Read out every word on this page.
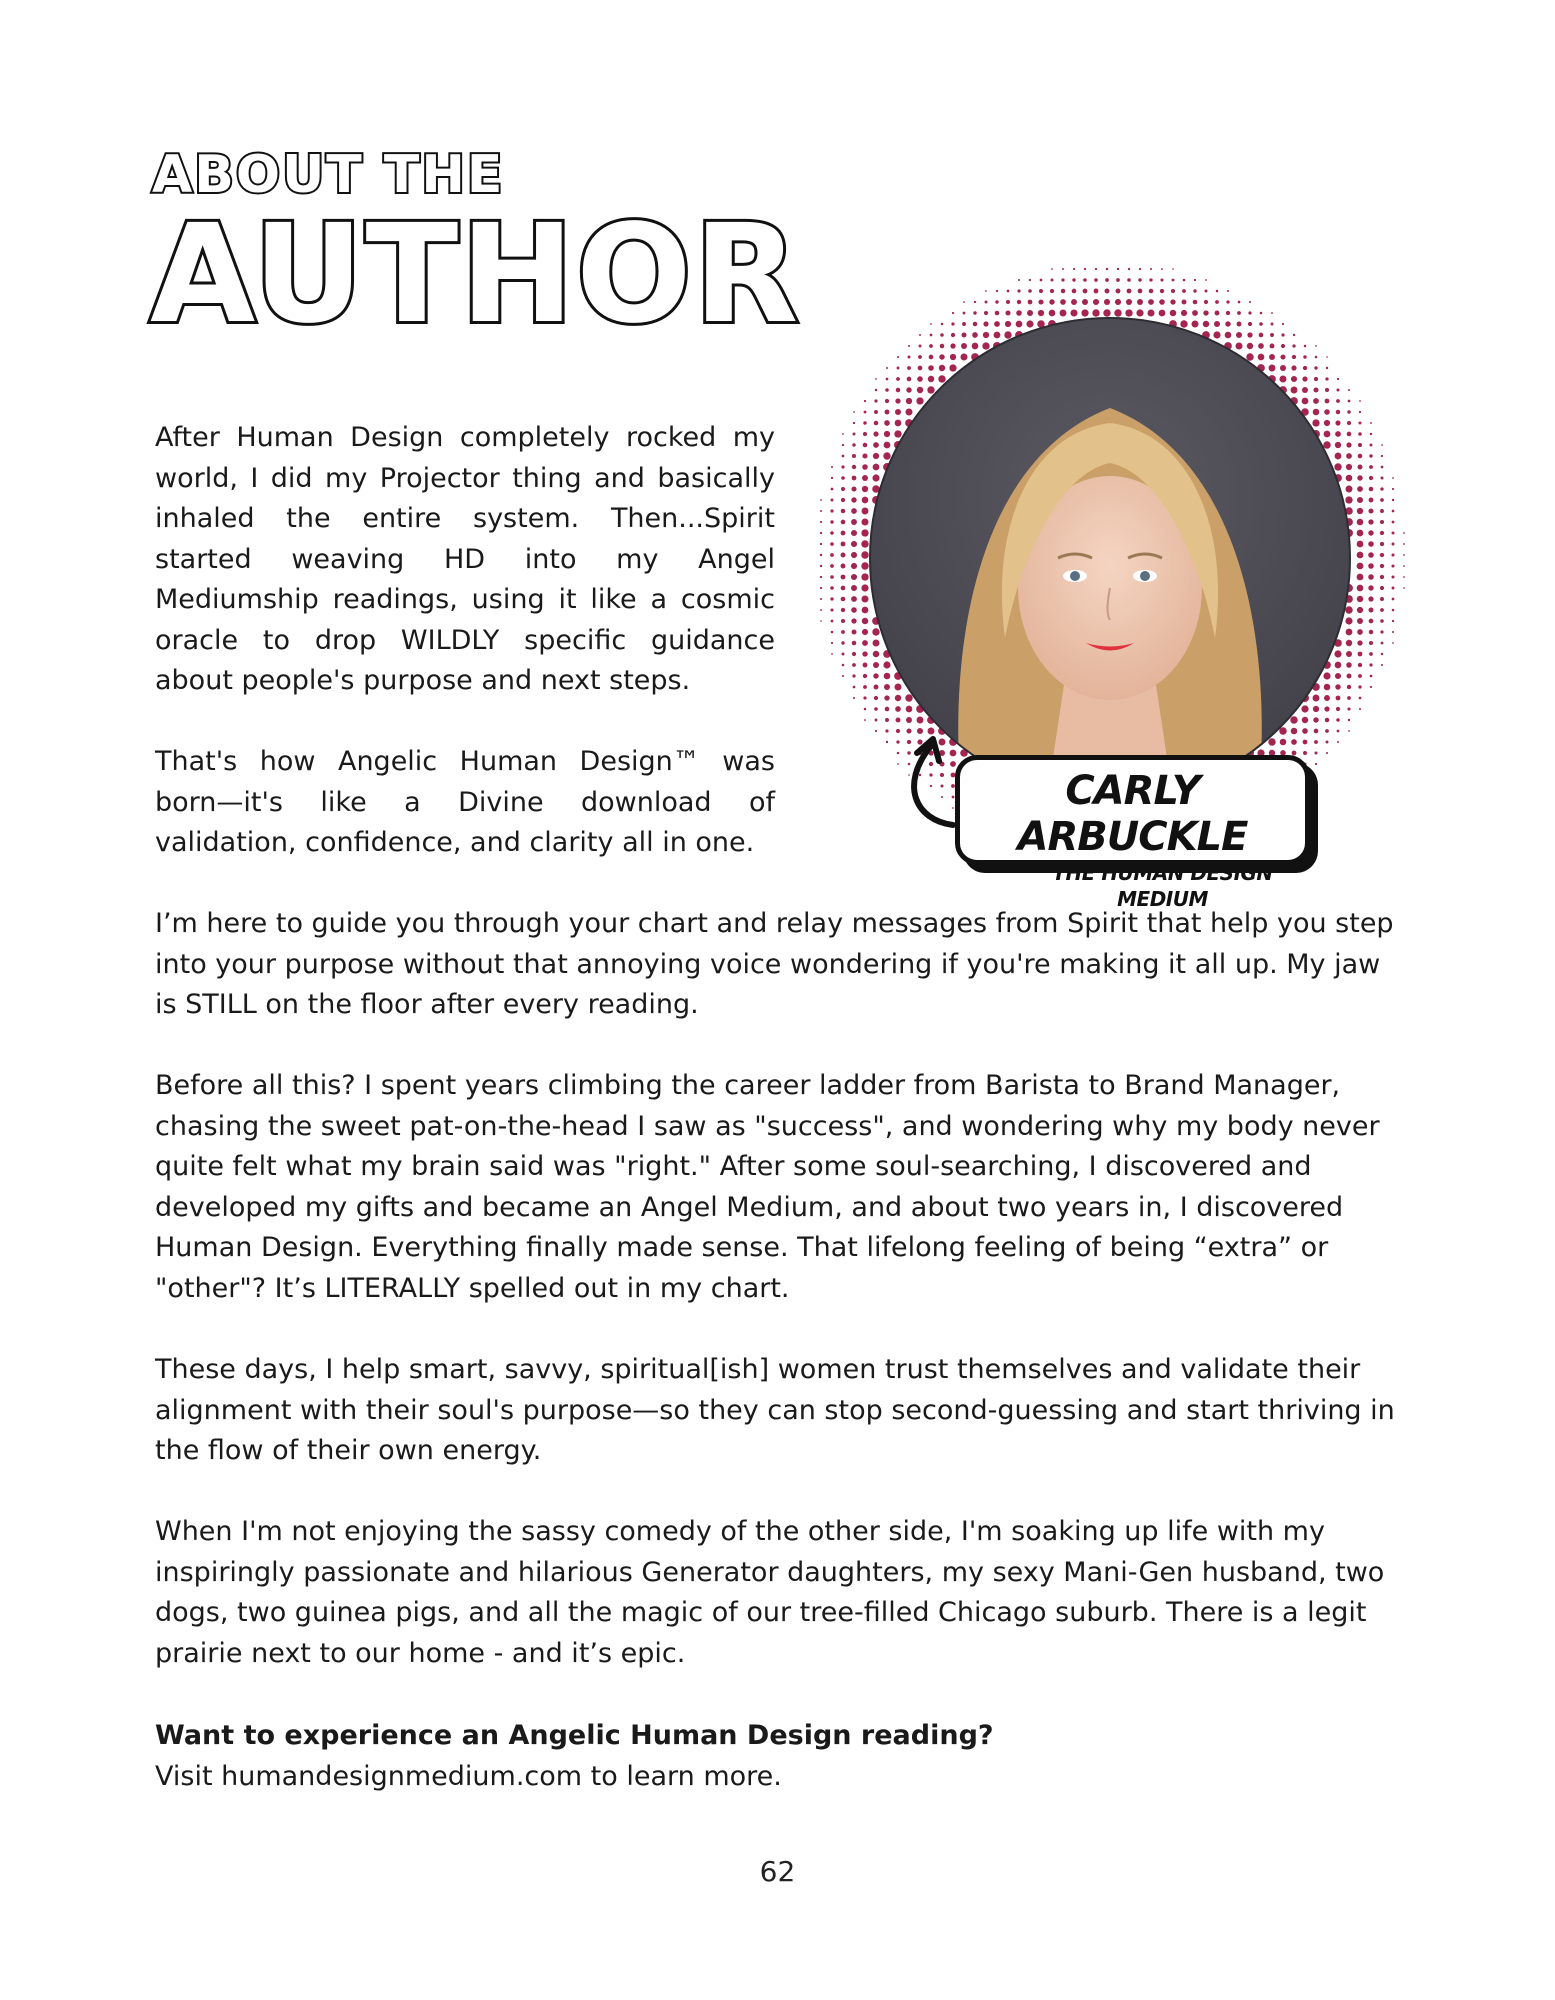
ABOUT THE
AUTHOR

After Human Design completely rocked my world, I did my Projector thing and basically inhaled the entire system. Then...Spirit started weaving HD into my Angel Mediumship readings, using it like a cosmic oracle to drop WILDLY specific guidance about people's purpose and next steps.

That's how Angelic Human Design™ was born—it's like a Divine download of validation, confidence, and clarity all in one.

CARLY ARBUCKLE
THE HUMAN DESIGN MEDIUM

I’m here to guide you through your chart and relay messages from Spirit that help you step into your purpose without that annoying voice wondering if you're making it all up. My jaw is STILL on the floor after every reading.

Before all this? I spent years climbing the career ladder from Barista to Brand Manager, chasing the sweet pat-on-the-head I saw as "success", and wondering why my body never quite felt what my brain said was "right." After some soul-searching, I discovered and developed my gifts and became an Angel Medium, and about two years in, I discovered Human Design. Everything finally made sense. That lifelong feeling of being “extra” or "other"? It’s LITERALLY spelled out in my chart.

These days, I help smart, savvy, spiritual[ish] women trust themselves and validate their alignment with their soul's purpose—so they can stop second-guessing and start thriving in the flow of their own energy.

When I'm not enjoying the sassy comedy of the other side, I'm soaking up life with my inspiringly passionate and hilarious Generator daughters, my sexy Mani-Gen husband, two dogs, two guinea pigs, and all the magic of our tree-filled Chicago suburb. There is a legit prairie next to our home - and it’s epic.

Want to experience an Angelic Human Design reading?
Visit humandesignmedium.com to learn more.
62
